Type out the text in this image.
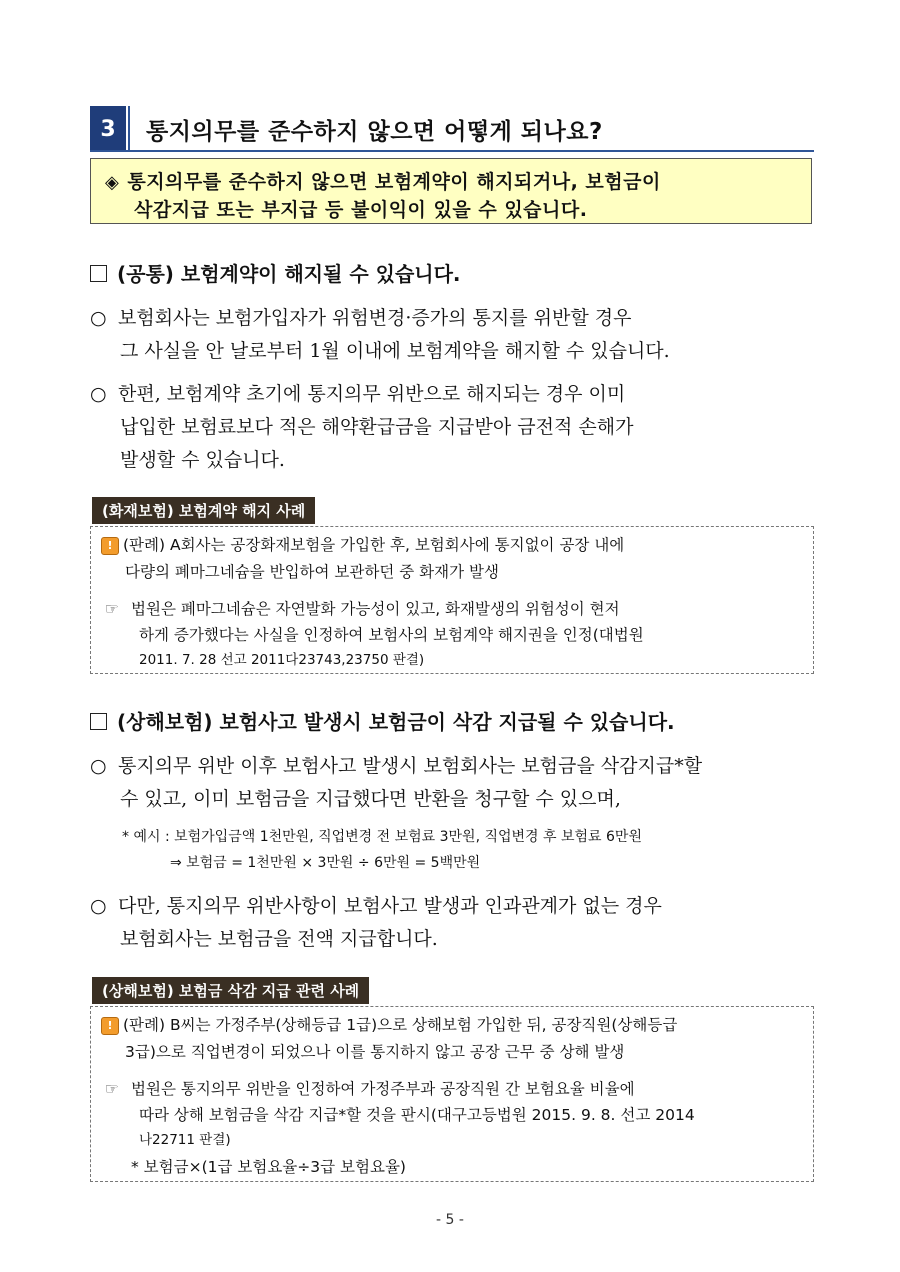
3	통지의무를 준수하지 않으면 어떻게 되나요?
◈ 통지의무를 준수하지 않으면 보험계약이 해지되거나, 보험금이
삭감지급 또는 부지급 등 불이익이 있을 수 있습니다.
(공통) 보험계약이 해지될 수 있습니다.
○ 보험회사는 보험가입자가 위험변경·증가의 통지를 위반할 경우
그 사실을 안 날로부터 1월 이내에 보험계약을 해지할 수 있습니다.
○ 한편, 보험계약 초기에 통지의무 위반으로 해지되는 경우 이미
납입한 보험료보다 적은 해약환급금을 지급받아 금전적 손해가
발생할 수 있습니다.
(화재보험) 보험계약 해지 사례
! (판례) A회사는 공장화재보험을 가입한 후, 보험회사에 통지없이 공장 내에
다량의 폐마그네슘을 반입하여 보관하던 중 화재가 발생
☞ 법원은 폐마그네슘은 자연발화 가능성이 있고, 화재발생의 위험성이 현저
하게 증가했다는 사실을 인정하여 보험사의 보험계약 해지권을 인정(대법원
2011. 7. 28 선고 2011다23743,23750 판결)
(상해보험) 보험사고 발생시 보험금이 삭감 지급될 수 있습니다.
○ 통지의무 위반 이후 보험사고 발생시 보험회사는 보험금을 삭감지급*할
수 있고, 이미 보험금을 지급했다면 반환을 청구할 수 있으며,
* 예시 : 보험가입금액 1천만원, 직업변경 전 보험료 3만원, 직업변경 후 보험료 6만원
⇒ 보험금 = 1천만원 × 3만원 ÷ 6만원 = 5백만원
○ 다만, 통지의무 위반사항이 보험사고 발생과 인과관계가 없는 경우
보험회사는 보험금을 전액 지급합니다.
(상해보험) 보험금 삭감 지급 관련 사례
! (판례) B씨는 가정주부(상해등급 1급)으로 상해보험 가입한 뒤, 공장직원(상해등급
3급)으로 직업변경이 되었으나 이를 통지하지 않고 공장 근무 중 상해 발생
☞ 법원은 통지의무 위반을 인정하여 가정주부과 공장직원 간 보험요율 비율에
따라 상해 보험금을 삭감 지급*할 것을 판시(대구고등법원 2015. 9. 8. 선고 2014
나22711 판결)
* 보험금×(1급 보험요율÷3급 보험요율)
- 5 -
